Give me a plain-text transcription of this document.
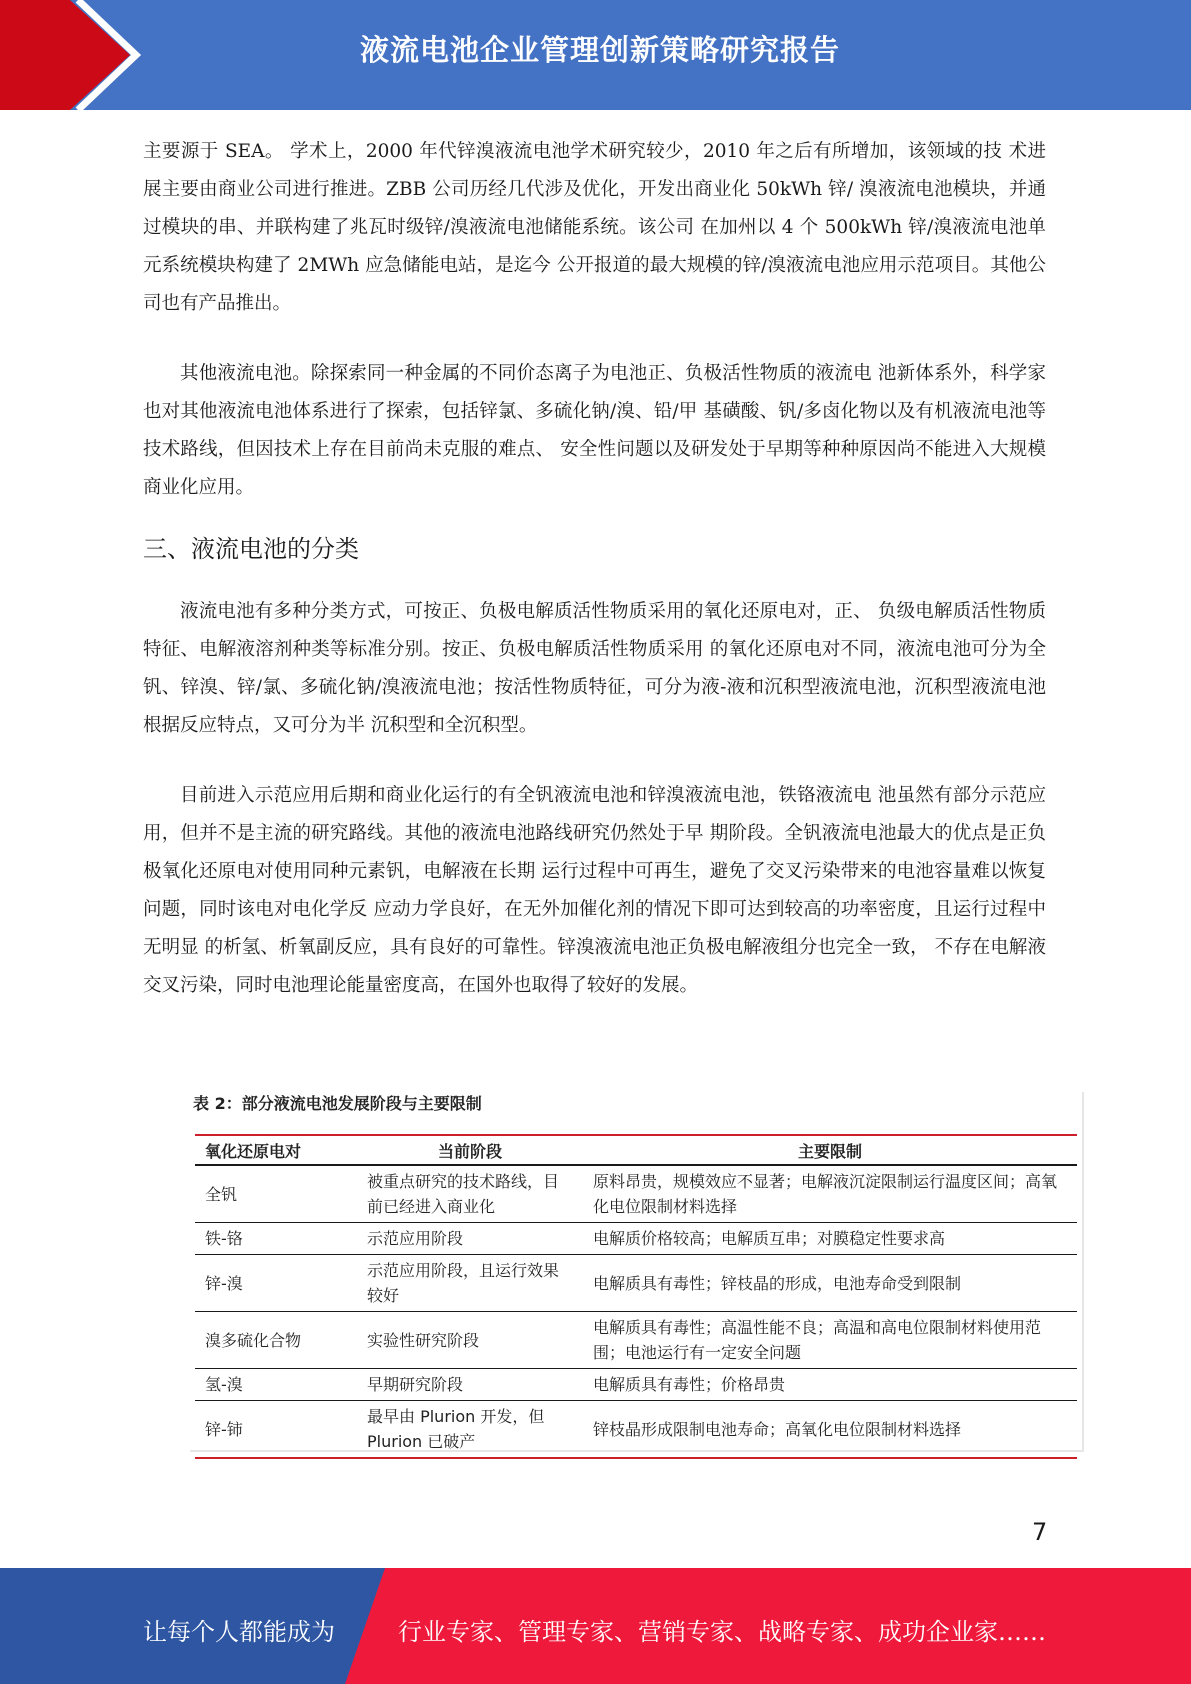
液流电池企业管理创新策略研究报告

主要源于 SEA。 学术上，2000 年代锌溴液流电池学术研究较少，2010 年之后有所增加，该领域的技 术进展主要由商业公司进行推进。ZBB 公司历经几代涉及优化，开发出商业化 50kWh 锌/ 溴液流电池模块，并通过模块的串、并联构建了兆瓦时级锌/溴液流电池储能系统。该公司 在加州以 4 个 500kWh 锌/溴液流电池单元系统模块构建了 2MWh 应急储能电站，是迄今 公开报道的最大规模的锌/溴液流电池应用示范项目。其他公司也有产品推出。

其他液流电池。除探索同一种金属的不同价态离子为电池正、负极活性物质的液流电 池新体系外，科学家也对其他液流电池体系进行了探索，包括锌氯、多硫化钠/溴、铅/甲 基磺酸、钒/多卤化物以及有机液流电池等技术路线，但因技术上存在目前尚未克服的难点、 安全性问题以及研发处于早期等种种原因尚不能进入大规模商业化应用。

三、液流电池的分类

液流电池有多种分类方式，可按正、负极电解质活性物质采用的氧化还原电对，正、 负级电解质活性物质特征、电解液溶剂种类等标准分别。按正、负极电解质活性物质采用 的氧化还原电对不同，液流电池可分为全钒、锌溴、锌/氯、多硫化钠/溴液流电池；按活性物质特征，可分为液-液和沉积型液流电池，沉积型液流电池根据反应特点，又可分为半 沉积型和全沉积型。

目前进入示范应用后期和商业化运行的有全钒液流电池和锌溴液流电池，铁铬液流电 池虽然有部分示范应用，但并不是主流的研究路线。其他的液流电池路线研究仍然处于早 期阶段。全钒液流电池最大的优点是正负极氧化还原电对使用同种元素钒，电解液在长期 运行过程中可再生，避免了交叉污染带来的电池容量难以恢复问题，同时该电对电化学反 应动力学良好，在无外加催化剂的情况下即可达到较高的功率密度，且运行过程中无明显 的析氢、析氧副反应，具有良好的可靠性。锌溴液流电池正负极电解液组分也完全一致， 不存在电解液交叉污染，同时电池理论能量密度高，在国外也取得了较好的发展。

表 2：部分液流电池发展阶段与主要限制
氧化还原电对	当前阶段	主要限制
全钒	被重点研究的技术路线，目前已经进入商业化	原料昂贵，规模效应不显著；电解液沉淀限制运行温度区间；高氧化电位限制材料选择
铁-铬	示范应用阶段	电解质价格较高；电解质互串；对膜稳定性要求高
锌-溴	示范应用阶段，且运行效果较好	电解质具有毒性；锌枝晶的形成，电池寿命受到限制
溴多硫化合物	实验性研究阶段	电解质具有毒性；高温性能不良；高温和高电位限制材料使用范围；电池运行有一定安全问题
氢-溴	早期研究阶段	电解质具有毒性；价格昂贵
锌-铈	最早由 Plurion 开发，但 Plurion 已破产	锌枝晶形成限制电池寿命；高氧化电位限制材料选择
7
让每个人都能成为	行业专家、管理专家、营销专家、战略专家、成功企业家……
